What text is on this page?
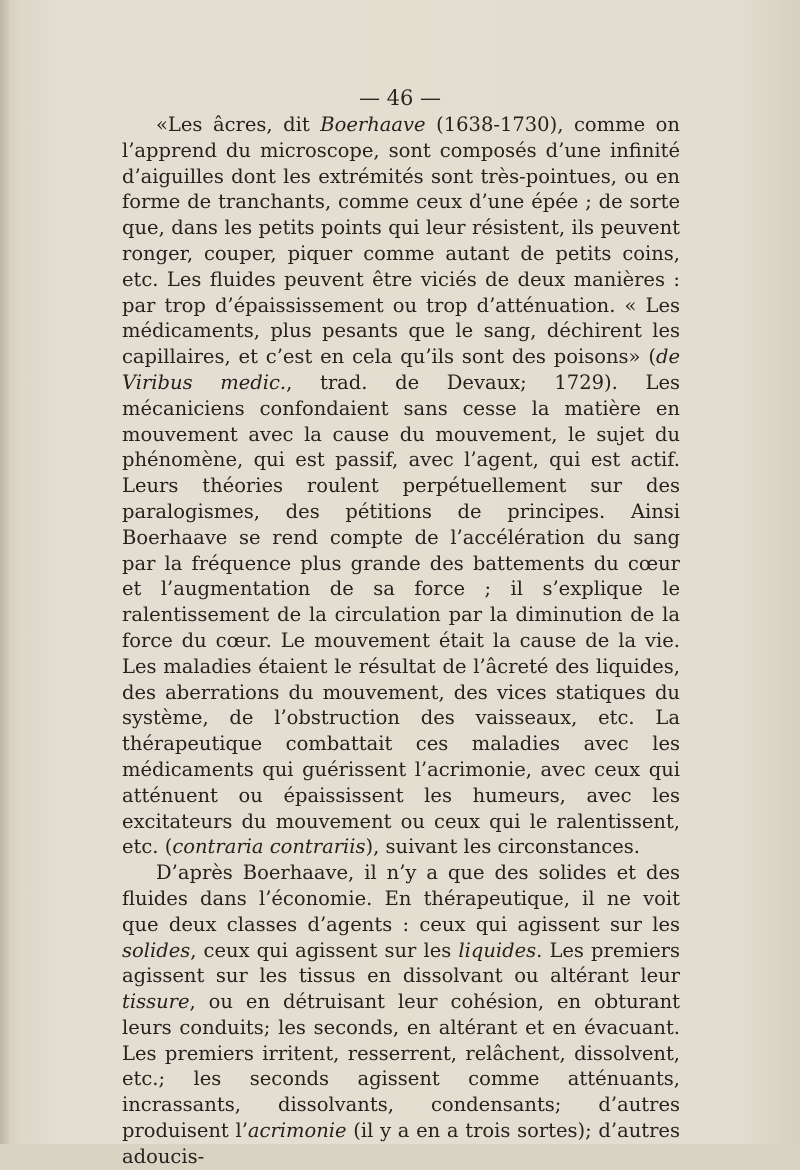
— 46 —

«Les âcres, dit Boerhaave (1638-1730), comme on l’apprend du microscope, sont composés d’une infinité d’aiguilles dont les extrémités sont très-pointues, ou en forme de tranchants, comme ceux d’une épée ; de sorte que, dans les petits points qui leur résistent, ils peuvent ronger, couper, piquer comme autant de petits coins, etc. Les fluides peuvent être viciés de deux manières : par trop d’épaississement ou trop d’atténuation. « Les médicaments, plus pesants que le sang, déchirent les capillaires, et c’est en cela qu’ils sont des poisons» (de Viribus medic., trad. de Devaux; 1729). Les mécaniciens confondaient sans cesse la matière en mouvement avec la cause du mouvement, le sujet du phénomène, qui est passif, avec l’agent, qui est actif. Leurs théories roulent perpétuellement sur des paralogismes, des pétitions de principes. Ainsi Boerhaave se rend compte de l’accélération du sang par la fréquence plus grande des battements du cœur et l’augmentation de sa force ; il s’explique le ralentissement de la circulation par la diminution de la force du cœur. Le mouvement était la cause de la vie. Les maladies étaient le résultat de l’âcreté des liquides, des aberrations du mouvement, des vices statiques du système, de l’obstruction des vaisseaux, etc. La thérapeutique combattait ces maladies avec les médicaments qui guérissent l’acrimonie, avec ceux qui atténuent ou épaississent les humeurs, avec les excitateurs du mouvement ou ceux qui le ralentissent, etc. (contraria contrariis), suivant les circonstances.

D’après Boerhaave, il n’y a que des solides et des fluides dans l’économie. En thérapeutique, il ne voit que deux classes d’agents : ceux qui agissent sur les solides, ceux qui agissent sur les liquides. Les premiers agissent sur les tissus en dissolvant ou altérant leur tissure, ou en détruisant leur cohésion, en obturant leurs conduits; les seconds, en altérant et en évacuant. Les premiers irritent, resserrent, relâchent, dissolvent, etc.; les seconds agissent comme atténuants, incrassants, dissolvants, condensants; d’autres produisent l’acrimonie (il y a en a trois sortes); d’autres adoucis-
